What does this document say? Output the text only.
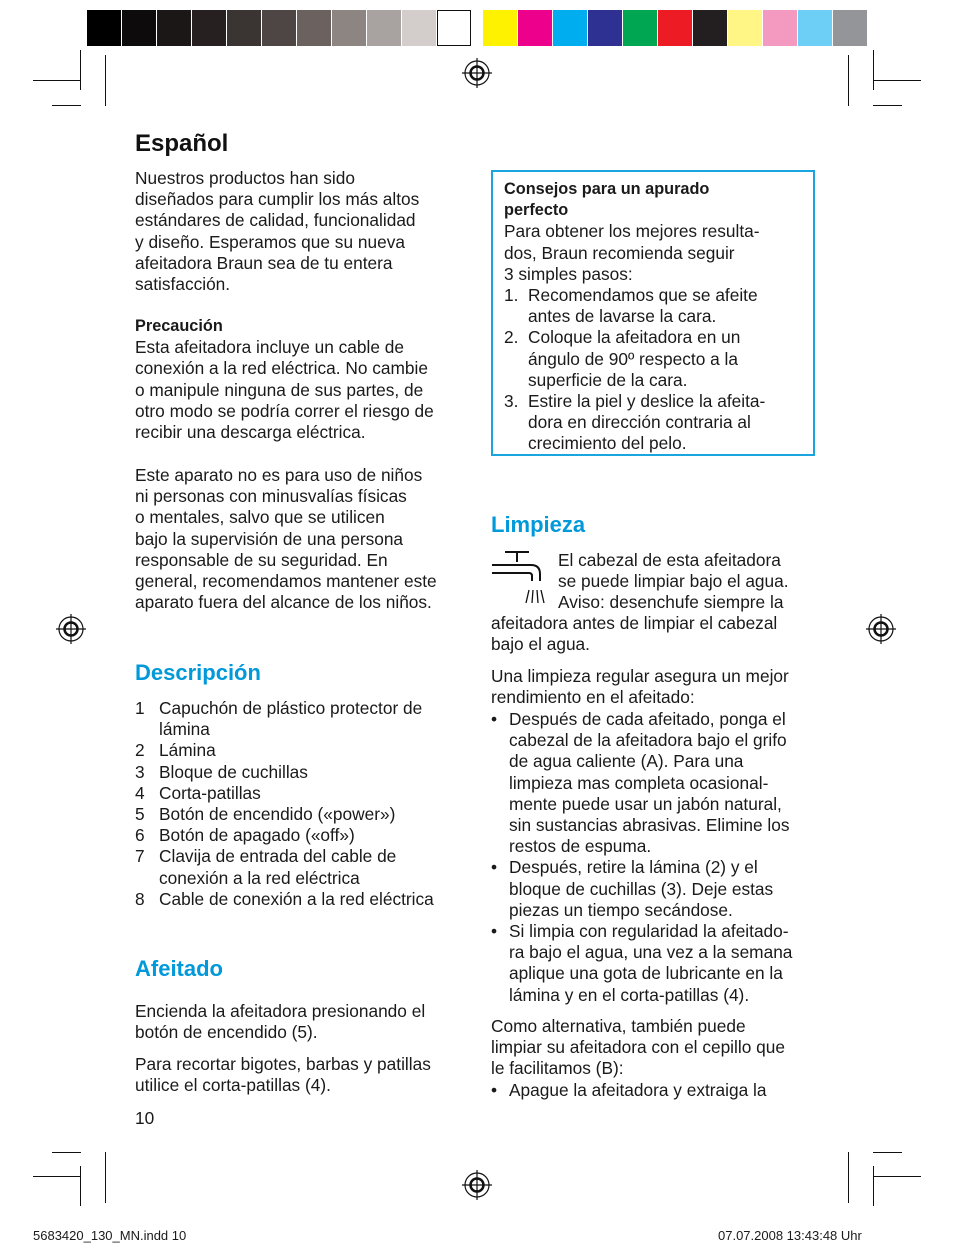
Español
Nuestros productos han sido
diseñados para cumplir los más altos
estándares de calidad, funcionalidad
y diseño. Esperamos que su nueva
afeitadora Braun sea de tu entera
satisfacción.
Precaución
Esta afeitadora incluye un cable de
conexión a la red eléctrica. No cambie
o manipule ninguna de sus partes, de
otro modo se podría correr el riesgo de
recibir una descarga eléctrica.
Este aparato no es para uso de niños
ni personas con minusvalías físicas
o mentales, salvo que se utilicen
bajo la supervisión de una persona
responsable de su seguridad. En
general, recomendamos mantener este
aparato fuera del alcance de los niños.
Descripción
1 Capuchón de plástico protector de
lámina
2 Lámina
3 Bloque de cuchillas
4 Corta-patillas
5 Botón de encendido («power»)
6 Botón de apagado («off»)
7 Clavija de entrada del cable de
conexión a la red eléctrica
8 Cable de conexión a la red eléctrica
Afeitado
Encienda la afeitadora presionando el
botón de encendido (5).
Para recortar bigotes, barbas y patillas
utilice el corta-patillas (4).
10
Consejos para un apurado
perfecto
Para obtener los mejores resulta-
dos, Braun recomienda seguir
3 simples pasos:
1. Recomendamos que se afeite
antes de lavarse la cara.
2. Coloque la afeitadora en un
ángulo de 90º respecto a la
superficie de la cara.
3. Estire la piel y deslice la afeita-
dora en dirección contraria al
crecimiento del pelo.
Limpieza
El cabezal de esta afeitadora
se puede limpiar bajo el agua.
Aviso: desenchufe siempre la
afeitadora antes de limpiar el cabezal
bajo el agua.
Una limpieza regular asegura un mejor
rendimiento en el afeitado:
• Después de cada afeitado, ponga el
cabezal de la afeitadora bajo el grifo
de agua caliente (A). Para una
limpieza mas completa ocasional-
mente puede usar un jabón natural,
sin sustancias abrasivas. Elimine los
restos de espuma.
• Después, retire la lámina (2) y el
bloque de cuchillas (3). Deje estas
piezas un tiempo secándose.
• Si limpia con regularidad la afeitado-
ra bajo el agua, una vez a la semana
aplique una gota de lubricante en la
lámina y en el corta-patillas (4).
Como alternativa, también puede
limpiar su afeitadora con el cepillo que
le facilitamos (B):
• Apague la afeitadora y extraiga la
5683420_130_MN.indd 10	07.07.2008 13:43:48 Uhr
